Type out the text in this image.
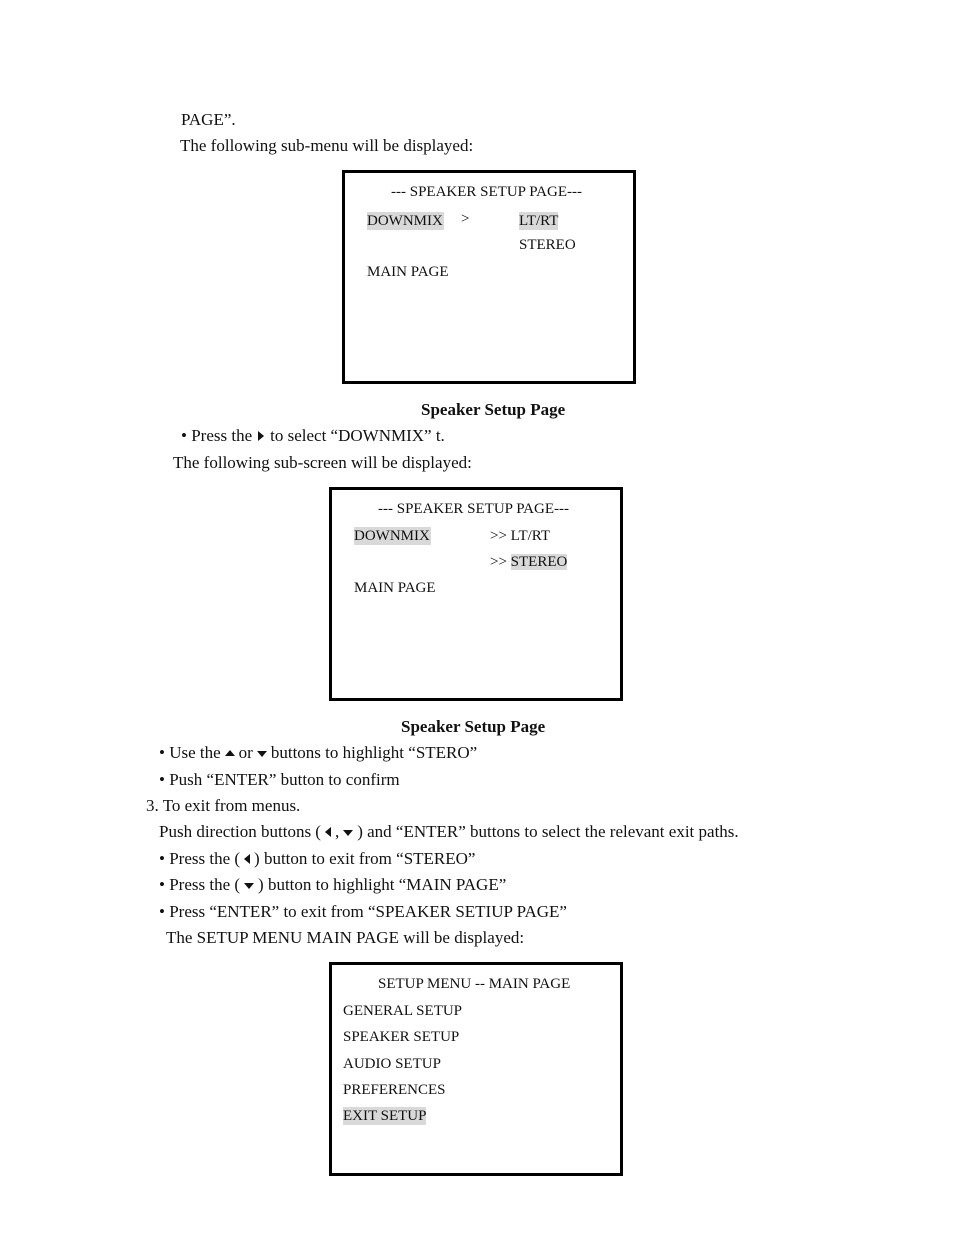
PAGE”.
The following sub-menu will be displayed:
--- SPEAKER SETUP PAGE---
DOWNMIX >	LT/RT
STEREO
MAIN PAGE
Speaker Setup Page
• Press the to select “DOWNMIX” t.
The following sub-screen will be displayed:
--- SPEAKER SETUP PAGE---
DOWNMIX	>> LT/RT
>> STEREO
MAIN PAGE
Speaker Setup Page
• Use the or buttons to highlight “STERO”
• Push “ENTER” button to confirm
3. To exit from menus.
Push direction buttons ( , ) and “ENTER” buttons to select the relevant exit paths.
• Press the ( ) button to exit from “STEREO”
• Press the ( ) button to highlight “MAIN PAGE”
• Press “ENTER” to exit from “SPEAKER SETIUP PAGE”
The SETUP MENU MAIN PAGE will be displayed:
SETUP MENU -- MAIN PAGE
GENERAL SETUP
SPEAKER SETUP
AUDIO SETUP
PREFERENCES
EXIT SETUP
